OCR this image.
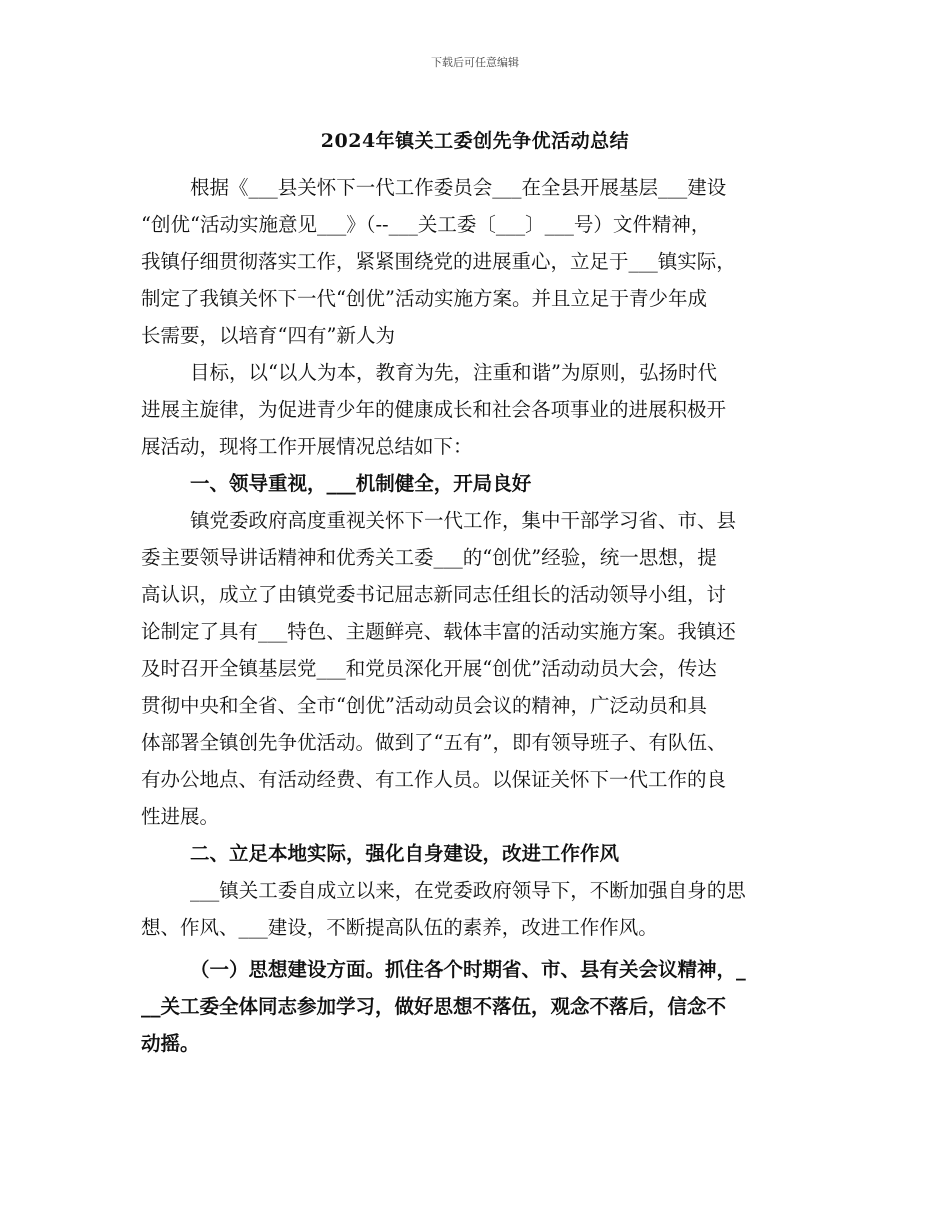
下载后可任意编辑
2024年镇关工委创先争优活动总结
根据《___县关怀下一代工作委员会___在全县开展基层___建设
“创优“活动实施意见___》（--___关工委〔___〕___号）文件精神，
我镇仔细贯彻落实工作，紧紧围绕党的进展重心，立足于___镇实际，
制定了我镇关怀下一代“创优”活动实施方案。并且立足于青少年成
长需要，以培育“四有”新人为
目标，以“以人为本，教育为先，注重和谐”为原则，弘扬时代
进展主旋律，为促进青少年的健康成长和社会各项事业的进展积极开
展活动，现将工作开展情况总结如下：
一、领导重视，___机制健全，开局良好
镇党委政府高度重视关怀下一代工作，集中干部学习省、市、县
委主要领导讲话精神和优秀关工委___的“创优”经验，统一思想，提
高认识，成立了由镇党委书记屈志新同志任组长的活动领导小组，讨
论制定了具有___特色、主题鲜亮、载体丰富的活动实施方案。我镇还
及时召开全镇基层党___和党员深化开展“创优”活动动员大会，传达
贯彻中央和全省、全市“创优”活动动员会议的精神，广泛动员和具
体部署全镇创先争优活动。做到了“五有”，即有领导班子、有队伍、
有办公地点、有活动经费、有工作人员。以保证关怀下一代工作的良
性进展。
二、立足本地实际，强化自身建设，改进工作作风
___镇关工委自成立以来，在党委政府领导下，不断加强自身的思
想、作风、___建设，不断提高队伍的素养，改进工作作风。
（一）思想建设方面。抓住各个时期省、市、县有关会议精神，_
__关工委全体同志参加学习，做好思想不落伍，观念不落后，信念不
动摇。
